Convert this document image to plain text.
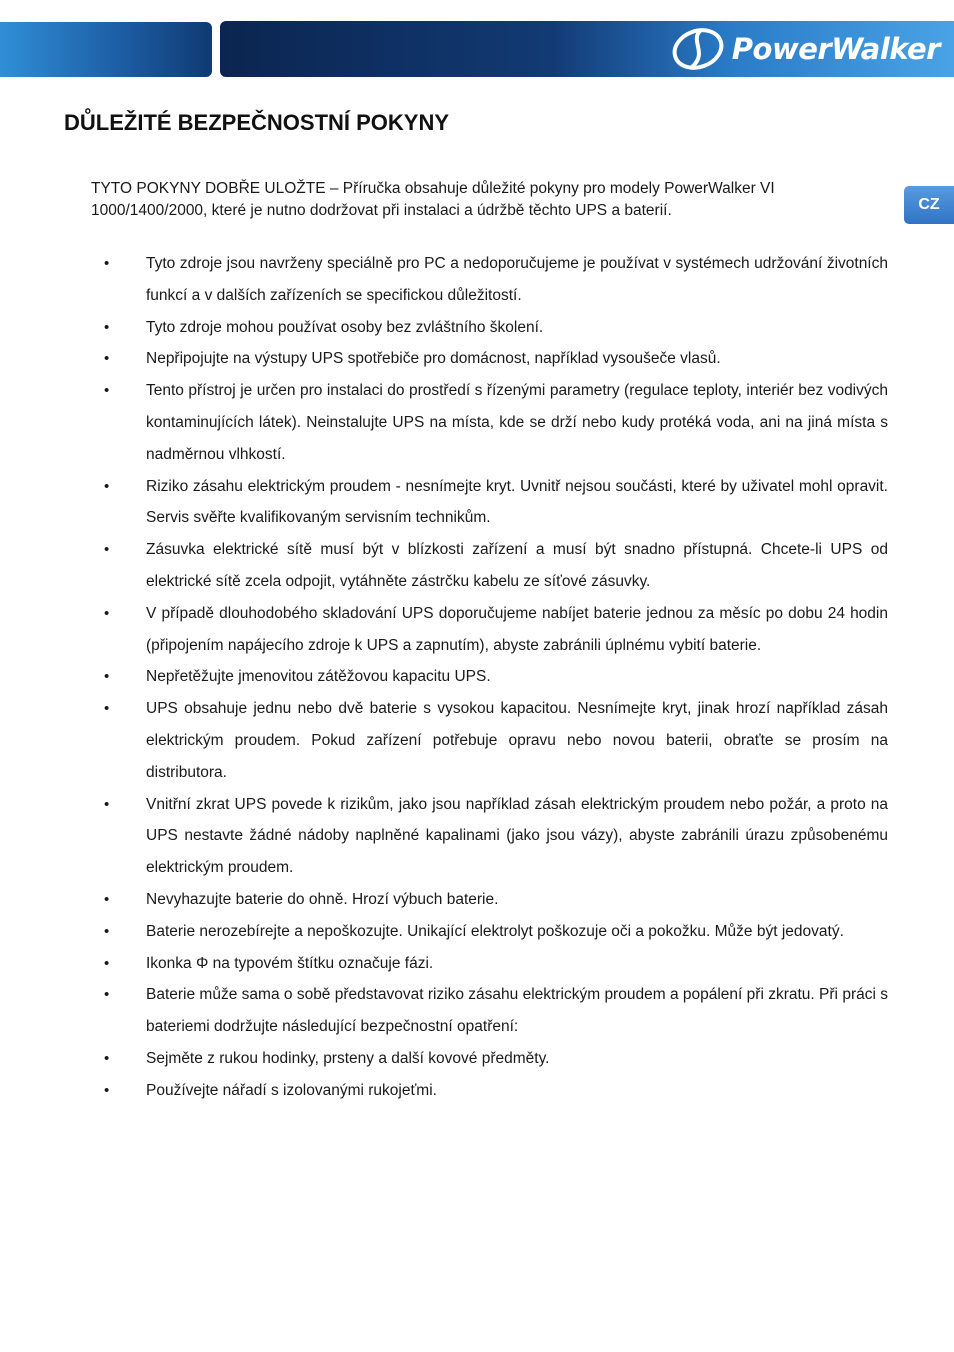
PowerWalker
CZ
DŮLEŽITÉ BEZPEČNOSTNÍ POKYNY

TYTO POKYNY DOBŘE ULOŽTE – Příručka obsahuje důležité pokyny pro modely PowerWalker VI 1000/1400/2000, které je nutno dodržovat při instalaci a údržbě těchto UPS a baterií.

• Tyto zdroje jsou navrženy speciálně pro PC a nedoporučujeme je používat v systémech udržování životních funkcí a v dalších zařízeních se specifickou důležitostí.
• Tyto zdroje mohou používat osoby bez zvláštního školení.
• Nepřipojujte na výstupy UPS spotřebiče pro domácnost, například vysoušeče vlasů.
• Tento přístroj je určen pro instalaci do prostředí s řízenými parametry (regulace teploty, interiér bez vodivých kontaminujících látek). Neinstalujte UPS na místa, kde se drží nebo kudy protéká voda, ani na jiná místa s nadměrnou vlhkostí.
• Riziko zásahu elektrickým proudem - nesnímejte kryt. Uvnitř nejsou součásti, které by uživatel mohl opravit. Servis svěřte kvalifikovaným servisním technikům.
• Zásuvka elektrické sítě musí být v blízkosti zařízení a musí být snadno přístupná. Chcete-li UPS od elektrické sítě zcela odpojit, vytáhněte zástrčku kabelu ze síťové zásuvky.
• V případě dlouhodobého skladování UPS doporučujeme nabíjet baterie jednou za měsíc po dobu 24 hodin (připojením napájecího zdroje k UPS a zapnutím), abyste zabránili úplnému vybití baterie.
• Nepřetěžujte jmenovitou zátěžovou kapacitu UPS.
• UPS obsahuje jednu nebo dvě baterie s vysokou kapacitou. Nesnímejte kryt, jinak hrozí například zásah elektrickým proudem. Pokud zařízení potřebuje opravu nebo novou baterii, obraťte se prosím na distributora.
• Vnitřní zkrat UPS povede k rizikům, jako jsou například zásah elektrickým proudem nebo požár, a proto na UPS nestavte žádné nádoby naplněné kapalinami (jako jsou vázy), abyste zabránili úrazu způsobenému elektrickým proudem.
• Nevyhazujte baterie do ohně. Hrozí výbuch baterie.
• Baterie nerozebírejte a nepoškozujte. Unikající elektrolyt poškozuje oči a pokožku. Může být jedovatý.
• Ikonka Φ na typovém štítku označuje fázi.
• Baterie může sama o sobě představovat riziko zásahu elektrickým proudem a popálení při zkratu. Při práci s bateriemi dodržujte následující bezpečnostní opatření:
• Sejměte z rukou hodinky, prsteny a další kovové předměty.
• Používejte nářadí s izolovanými rukojeťmi.
